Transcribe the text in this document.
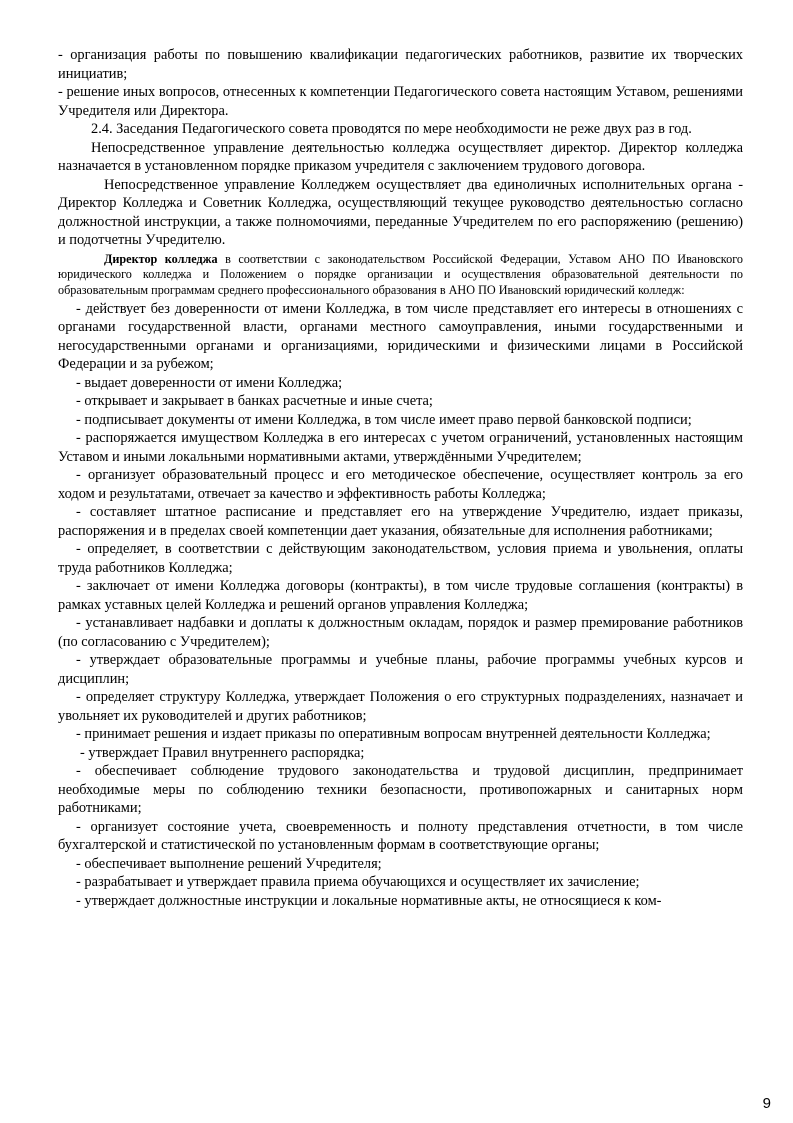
- организация работы по повышению квалификации педагогических работников, развитие их творческих инициатив;

- решение иных вопросов, отнесенных к компетенции Педагогического совета настоящим Уставом, решениями Учредителя или Директора.

2.4. Заседания Педагогического совета проводятся по мере необходимости не реже двух раз в год.

Непосредственное управление деятельностью колледжа осуществляет директор. Директор колледжа назначается в установленном порядке приказом учредителя с заключением трудового договора.

Непосредственное управление Колледжем осуществляет два единоличных исполнительных органа - Директор Колледжа и Советник Колледжа, осуществляющий текущее руководство деятельностью согласно должностной инструкции, а также полномочиями, переданные Учредителем по его распоряжению (решению) и подотчетны Учредителю.

Директор колледжа в соответствии с законодательством Российской Федерации, Уставом АНО ПО Ивановского юридического колледжа и Положением о порядке организации и осуществления образовательной деятельности по образовательным программам среднего профессионального образования в АНО ПО Ивановский юридический колледж:

- действует без доверенности от имени Колледжа, в том числе представляет его интересы в отношениях с органами государственной власти, органами местного самоуправления, иными государственными и негосударственными органами и организациями, юридическими и физическими лицами в Российской Федерации и за рубежом;

- выдает доверенности от имени Колледжа;

- открывает и закрывает в банках расчетные и иные счета;

- подписывает документы от имени Колледжа, в том числе имеет право первой банковской подписи;

- распоряжается имуществом Колледжа в его интересах с учетом ограничений, установленных настоящим Уставом и иными локальными нормативными актами, утверждёнными Учредителем;

- организует образовательный процесс и его методическое обеспечение, осуществляет контроль за его ходом и результатами, отвечает за качество и эффективность работы Колледжа;

- составляет штатное расписание и представляет его на утверждение Учредителю, издает приказы, распоряжения и в пределах своей компетенции дает указания, обязательные для исполнения работниками;

- определяет, в соответствии с действующим законодательством, условия приема и увольнения, оплаты труда работников Колледжа;

- заключает от имени Колледжа договоры (контракты), в том числе трудовые соглашения (контракты) в рамках уставных целей Колледжа и решений органов управления Колледжа;

- устанавливает надбавки и доплаты к должностным окладам, порядок и размер премирование работников (по согласованию с Учредителем);

- утверждает образовательные программы и учебные планы, рабочие программы учебных курсов и дисциплин;

- определяет структуру Колледжа, утверждает Положения о его структурных подразделениях, назначает и увольняет их руководителей и других работников;

- принимает решения и издает приказы по оперативным вопросам внутренней деятельности Колледжа;

- утверждает Правил внутреннего распорядка;

- обеспечивает соблюдение трудового законодательства и трудовой дисциплин, предпринимает необходимые меры по соблюдению техники безопасности, противопожарных и санитарных норм работниками;

- организует состояние учета, своевременность и полноту представления отчетности, в том числе бухгалтерской и статистической по установленным формам в соответствующие органы;

- обеспечивает выполнение решений Учредителя;

- разрабатывает и утверждает правила приема обучающихся и осуществляет их зачисление;

- утверждает должностные инструкции и локальные нормативные акты, не относящиеся к ком-

9
